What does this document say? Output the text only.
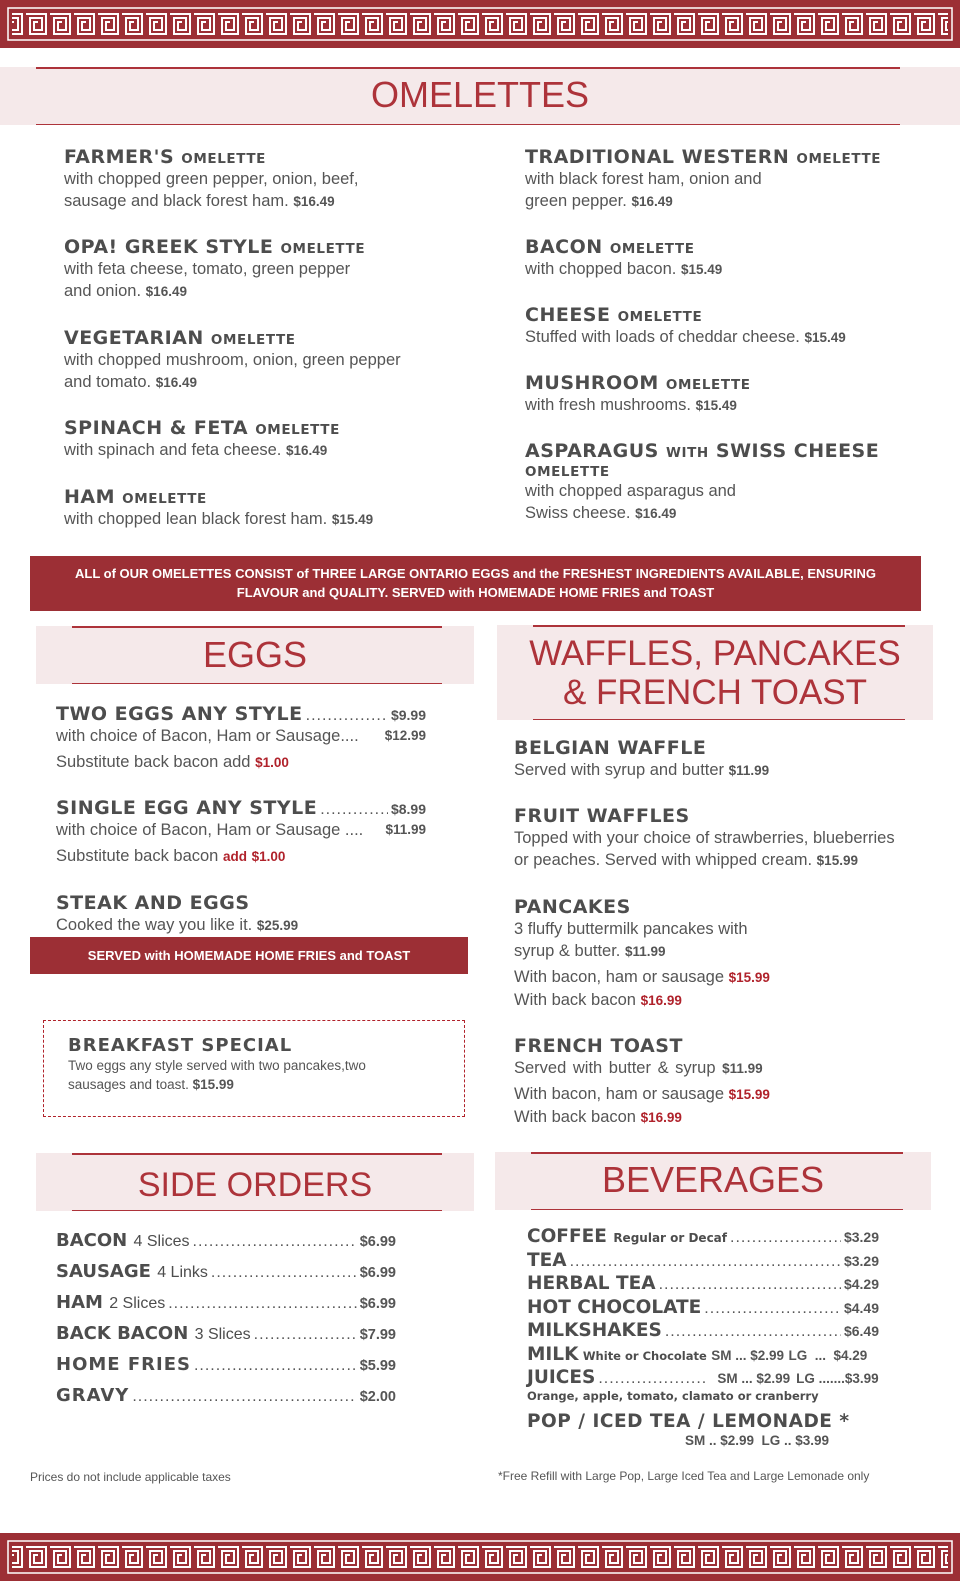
OMELETTES
FARMER'S OMELETTE
with chopped green pepper, onion, beef,
sausage and black forest ham. $16.49
OPA! GREEK STYLE OMELETTE
with feta cheese, tomato, green pepper
and onion. $16.49
VEGETARIAN OMELETTE
with chopped mushroom, onion, green pepper
and tomato. $16.49
SPINACH & FETA OMELETTE
with spinach and feta cheese. $16.49
HAM OMELETTE
with chopped lean black forest ham. $15.49
TRADITIONAL WESTERN OMELETTE
with black forest ham, onion and
green pepper. $16.49
BACON OMELETTE
with chopped bacon. $15.49
CHEESE OMELETTE
Stuffed with loads of cheddar cheese. $15.49
MUSHROOM OMELETTE
with fresh mushrooms. $15.49
ASPARAGUS WITH SWISS CHEESE
OMELETTE
with chopped asparagus and
Swiss cheese. $16.49
ALL of OUR OMELETTES CONSIST of THREE LARGE ONTARIO EGGS and the FRESHEST INGREDIENTS AVAILABLE, ENSURING
FLAVOUR and QUALITY. SERVED with HOMEMADE HOME FRIES and TOAST
EGGS
TWO EGGS ANY STYLE .....	$9.99
with choice of Bacon, Ham or Sausage.... $12.99
Substitute back bacon add $1.00
SINGLE EGG ANY STYLE .....	$8.99
with choice of Bacon, Ham or Sausage .... $11.99
Substitute back bacon add $1.00
STEAK AND EGGS
Cooked the way you like it. $25.99
SERVED with HOMEMADE HOME FRIES and TOAST
BREAKFAST SPECIAL
Two eggs any style served with two pancakes,two
sausages and toast. $15.99
WAFFLES, PANCAKES
& FRENCH TOAST
BELGIAN WAFFLE
Served with syrup and butter $11.99
FRUIT WAFFLES
Topped with your choice of strawberries, blueberries
or peaches. Served with whipped cream. $15.99
PANCAKES
3 fluffy buttermilk pancakes with
syrup & butter. $11.99
With bacon, ham or sausage $15.99
With back bacon $16.99
FRENCH TOAST
Served with butter & syrup $11.99
With bacon, ham or sausage $15.99
With back bacon $16.99
SIDE ORDERS
BACON 4 Slices .....	$6.99
SAUSAGE 4 Links .....	$6.99
HAM 2 Slices .....	$6.99
BACK BACON 3 Slices .....	$7.99
HOME FRIES .....	$5.99
GRAVY .....	$2.00
BEVERAGES
COFFEE Regular or Decaf .....	$3.29
TEA .....	$3.29
HERBAL TEA .....	$4.29
HOT CHOCOLATE .....	$4.49
MILKSHAKES .....	$6.49
MILK White or Chocolate SM ... $2.99 LG  ...  $4.29
JUICES .....	SM ... $2.99 LG .......$3.99
Orange, apple, tomato, clamato or cranberry
POP / ICED TEA / LEMONADE *
SM .. $2.99  LG .. $3.99
Prices do not include applicable taxes	*Free Refill with Large Pop, Large Iced Tea and Large Lemonade only
